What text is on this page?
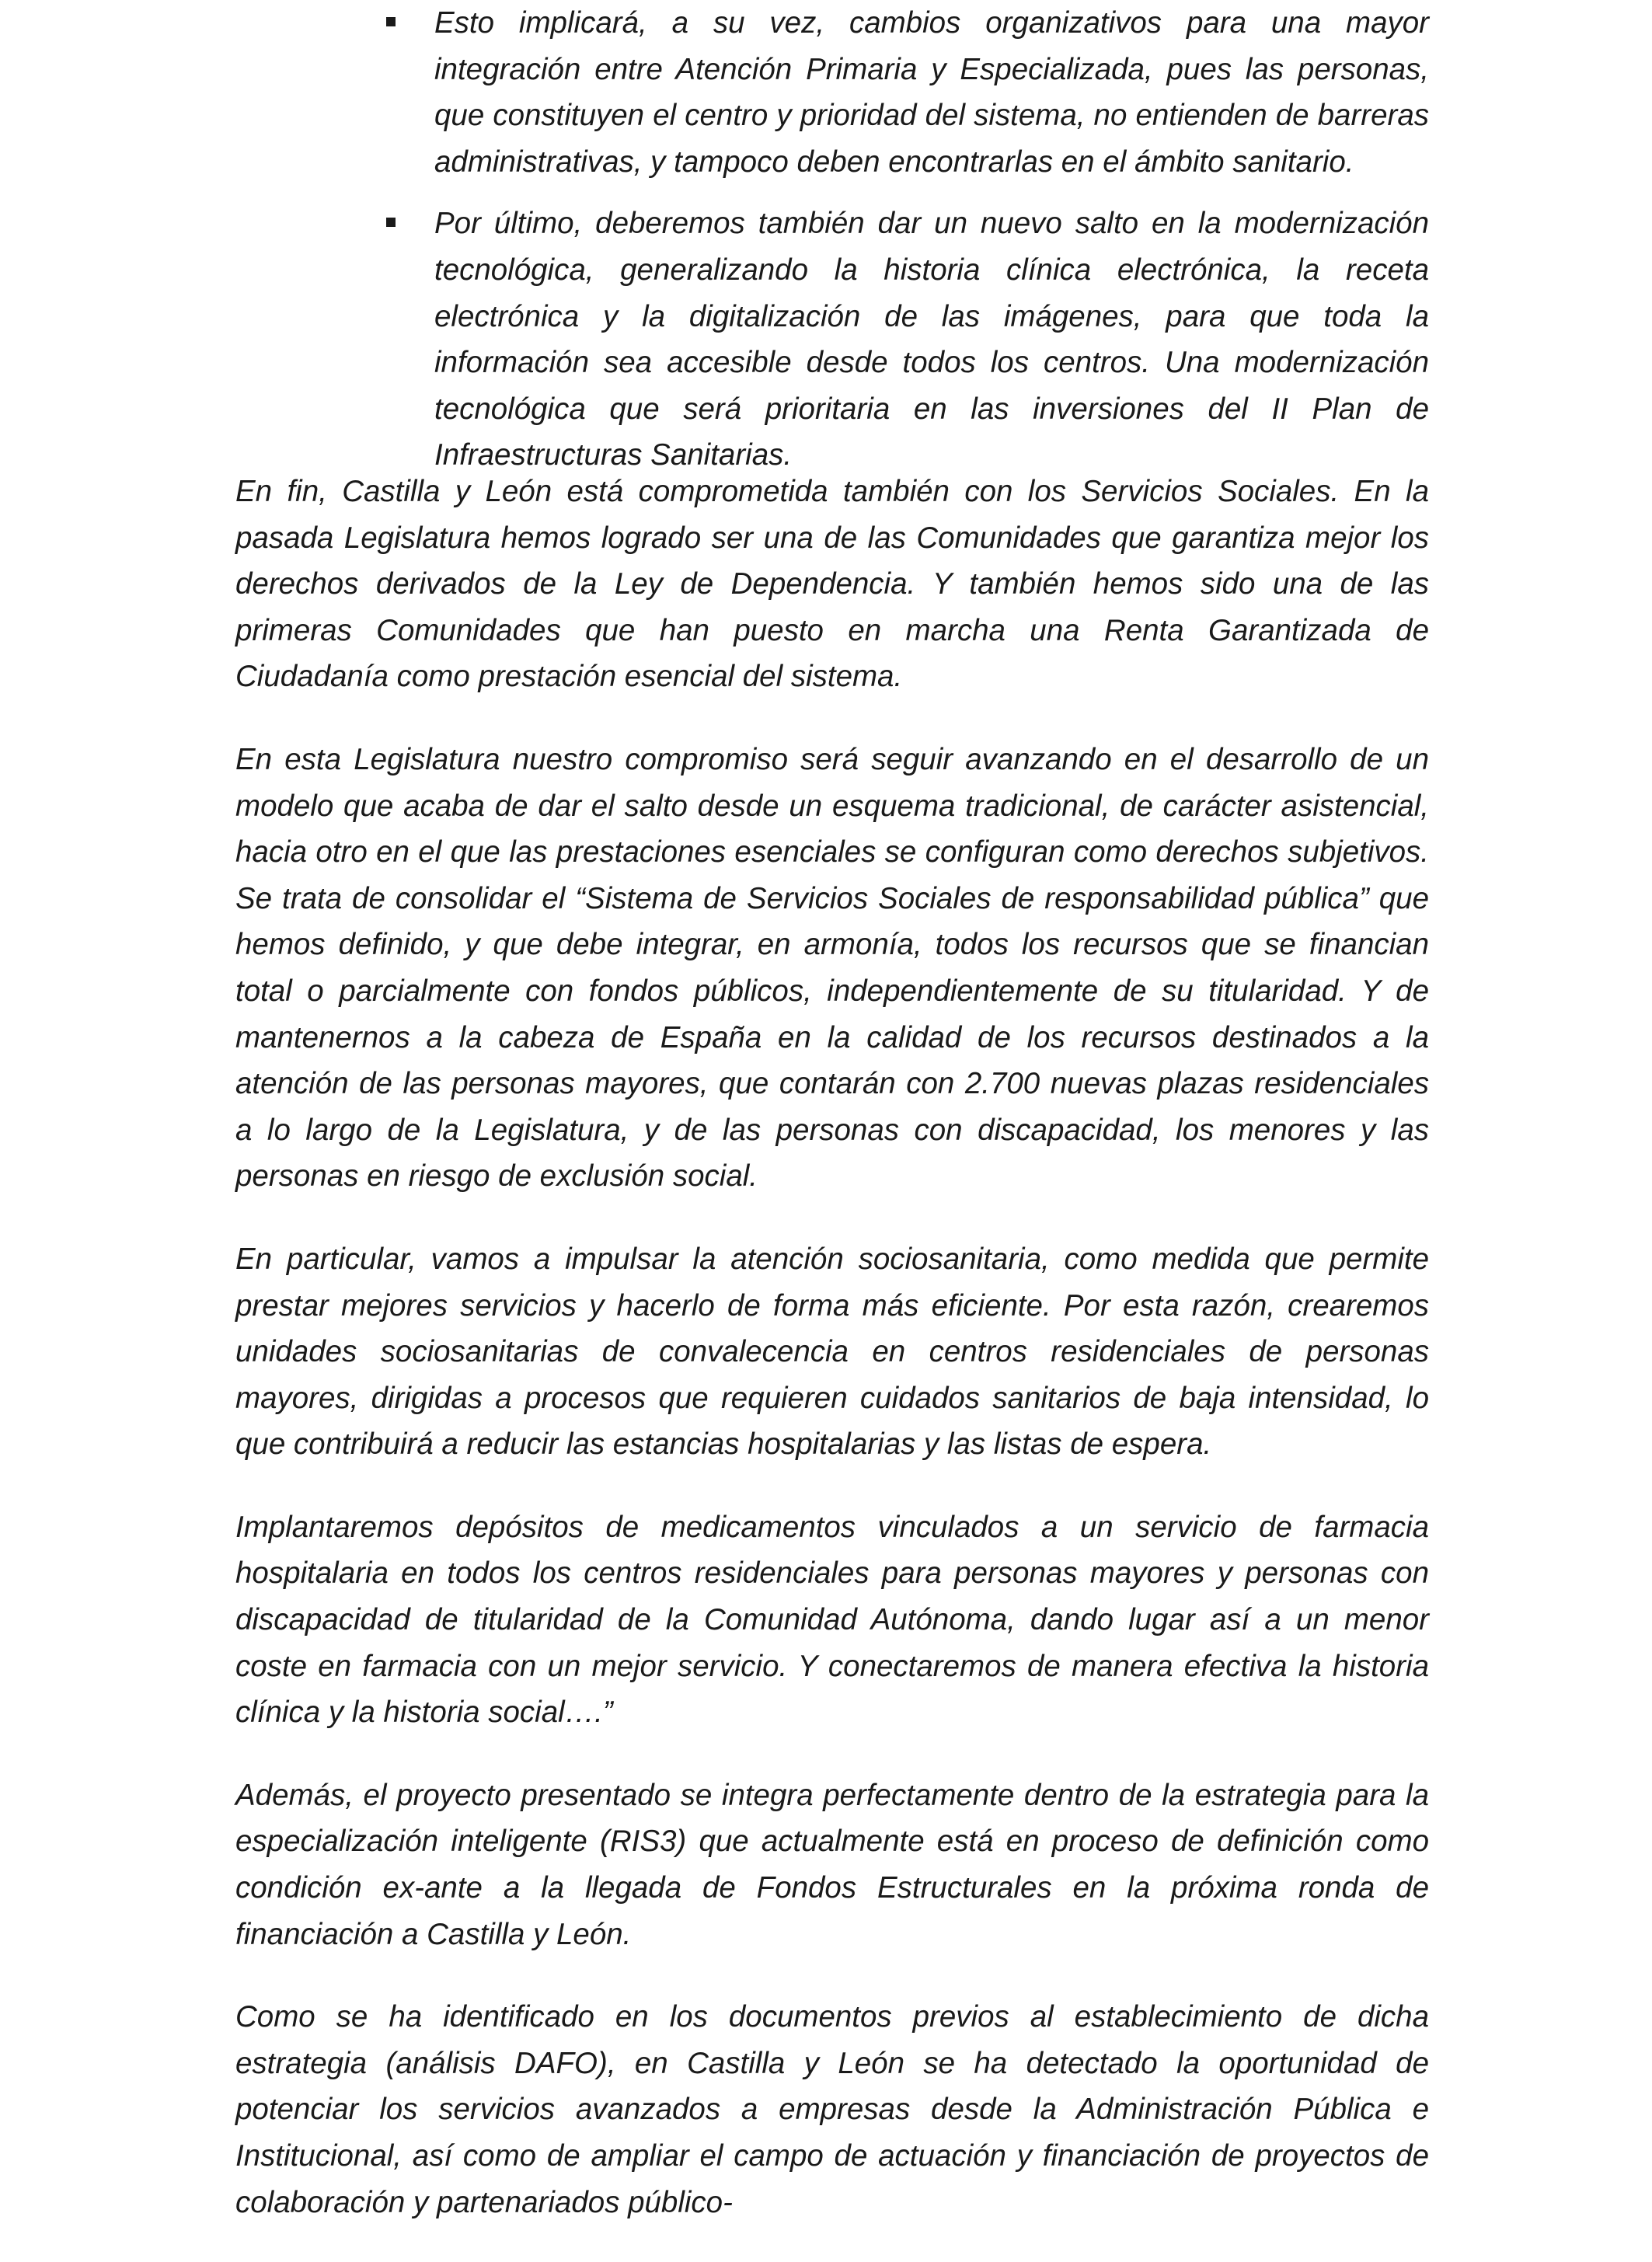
Esto implicará, a su vez, cambios organizativos para una mayor integración entre Atención Primaria y Especializada, pues las personas, que constituyen el centro y prioridad del sistema, no entienden de barreras administrativas, y tampoco deben encontrarlas en el ámbito sanitario.

Por último, deberemos también dar un nuevo salto en la modernización tecnológica, generalizando la historia clínica electrónica, la receta electrónica y la digitalización de las imágenes, para que toda la información sea accesible desde todos los centros. Una modernización tecnológica que será prioritaria en las inversiones del II Plan de Infraestructuras Sanitarias.

En fin, Castilla y León está comprometida también con los Servicios Sociales. En la pasada Legislatura hemos logrado ser una de las Comunidades que garantiza mejor los derechos derivados de la Ley de Dependencia. Y también hemos sido una de las primeras Comunidades que han puesto en marcha una Renta Garantizada de Ciudadanía como prestación esencial del sistema.

En esta Legislatura nuestro compromiso será seguir avanzando en el desarrollo de un modelo que acaba de dar el salto desde un esquema tradicional, de carácter asistencial, hacia otro en el que las prestaciones esenciales se configuran como derechos subjetivos. Se trata de consolidar el “Sistema de Servicios Sociales de responsabilidad pública” que hemos definido, y que debe integrar, en armonía, todos los recursos que se financian total o parcialmente con fondos públicos, independientemente de su titularidad. Y de mantenernos a la cabeza de España en la calidad de los recursos destinados a la atención de las personas mayores, que contarán con 2.700 nuevas plazas residenciales a lo largo de la Legislatura, y de las personas con discapacidad, los menores y las personas en riesgo de exclusión social.

En particular, vamos a impulsar la atención sociosanitaria, como medida que permite prestar mejores servicios y hacerlo de forma más eficiente. Por esta razón, crearemos unidades sociosanitarias de convalecencia en centros residenciales de personas mayores, dirigidas a procesos que requieren cuidados sanitarios de baja intensidad, lo que contribuirá a reducir las estancias hospitalarias y las listas de espera.

Implantaremos depósitos de medicamentos vinculados a un servicio de farmacia hospitalaria en todos los centros residenciales para personas mayores y personas con discapacidad de titularidad de la Comunidad Autónoma, dando lugar así a un menor coste en farmacia con un mejor servicio. Y conectaremos de manera efectiva la historia clínica y la historia social….”

Además, el proyecto presentado se integra perfectamente dentro de la estrategia para la especialización inteligente (RIS3) que actualmente está en proceso de definición como condición ex-ante a la llegada de Fondos Estructurales en la próxima ronda de financiación a Castilla y León.

Como se ha identificado en los documentos previos al establecimiento de dicha estrategia (análisis DAFO), en Castilla y León se ha detectado la oportunidad de potenciar los servicios avanzados a empresas desde la Administración Pública e Institucional, así como de ampliar el campo de actuación y financiación de proyectos de colaboración y partenariados público-
